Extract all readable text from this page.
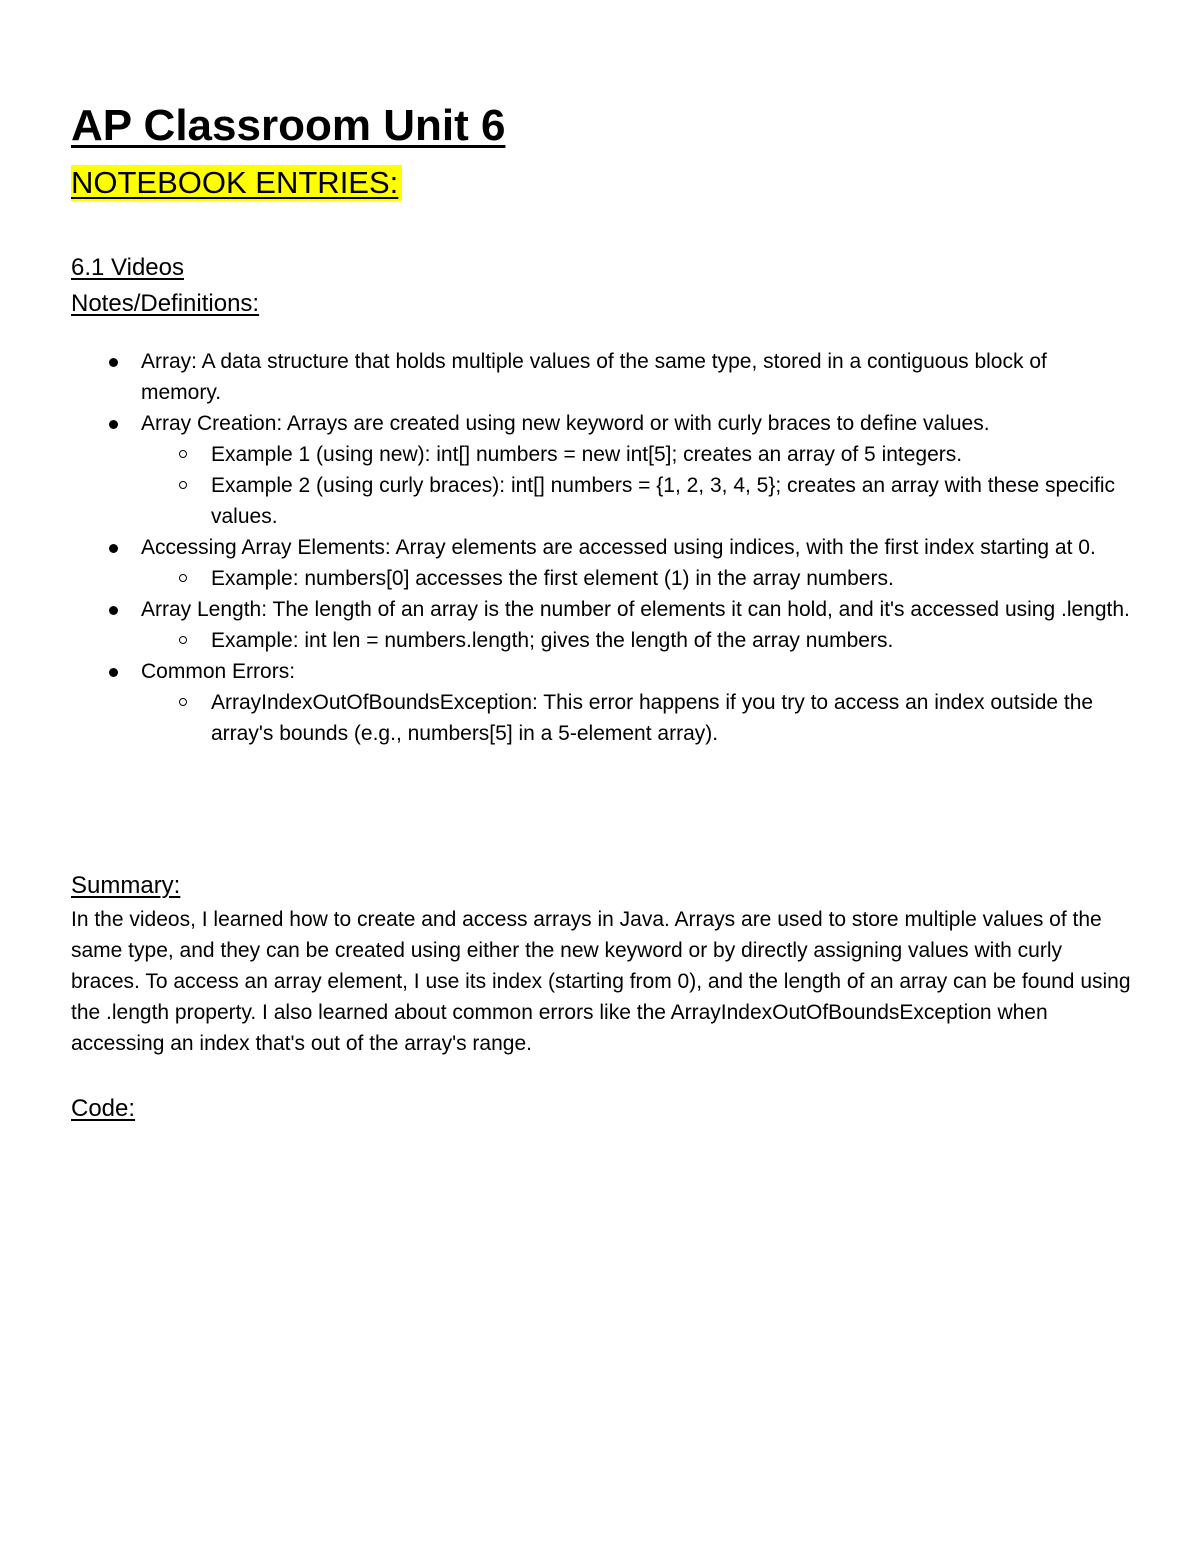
AP Classroom Unit 6
NOTEBOOK ENTRIES:
6.1 Videos
Notes/Definitions:
Array: A data structure that holds multiple values of the same type, stored in a contiguous block of memory.
Array Creation: Arrays are created using new keyword or with curly braces to define values.
Example 1 (using new): int[] numbers = new int[5]; creates an array of 5 integers.
Example 2 (using curly braces): int[] numbers = {1, 2, 3, 4, 5}; creates an array with these specific values.
Accessing Array Elements: Array elements are accessed using indices, with the first index starting at 0.
Example: numbers[0] accesses the first element (1) in the array numbers.
Array Length: The length of an array is the number of elements it can hold, and it's accessed using .length.
Example: int len = numbers.length; gives the length of the array numbers.
Common Errors:
ArrayIndexOutOfBoundsException: This error happens if you try to access an index outside the array's bounds (e.g., numbers[5] in a 5-element array).
Summary:

In the videos, I learned how to create and access arrays in Java. Arrays are used to store multiple values of the same type, and they can be created using either the new keyword or by directly assigning values with curly braces. To access an array element, I use its index (starting from 0), and the length of an array can be found using the .length property. I also learned about common errors like the ArrayIndexOutOfBoundsException when accessing an index that's out of the array's range.

Code:
